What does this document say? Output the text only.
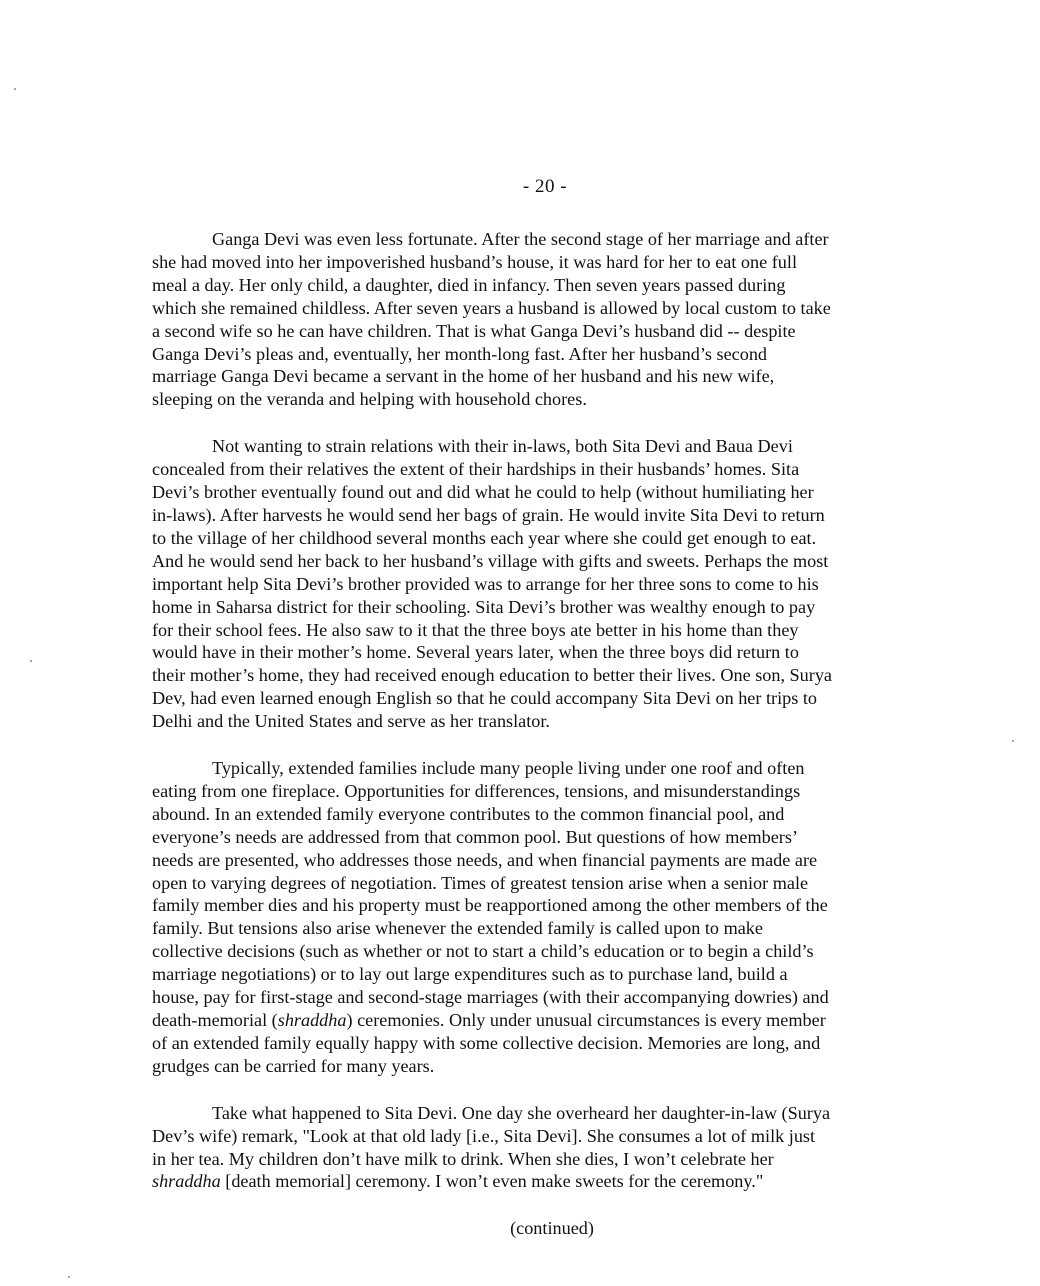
- 20 -

Ganga Devi was even less fortunate. After the second stage of her marriage and after
she had moved into her impoverished husband’s house, it was hard for her to eat one full
meal a day. Her only child, a daughter, died in infancy. Then seven years passed during
which she remained childless. After seven years a husband is allowed by local custom to take
a second wife so he can have children. That is what Ganga Devi’s husband did -- despite
Ganga Devi’s pleas and, eventually, her month-long fast. After her husband’s second
marriage Ganga Devi became a servant in the home of her husband and his new wife,
sleeping on the veranda and helping with household chores.

Not wanting to strain relations with their in-laws, both Sita Devi and Baua Devi
concealed from their relatives the extent of their hardships in their husbands’ homes. Sita
Devi’s brother eventually found out and did what he could to help (without humiliating her
in-laws). After harvests he would send her bags of grain. He would invite Sita Devi to return
to the village of her childhood several months each year where she could get enough to eat.
And he would send her back to her husband’s village with gifts and sweets. Perhaps the most
important help Sita Devi’s brother provided was to arrange for her three sons to come to his
home in Saharsa district for their schooling. Sita Devi’s brother was wealthy enough to pay
for their school fees. He also saw to it that the three boys ate better in his home than they
would have in their mother’s home. Several years later, when the three boys did return to
their mother’s home, they had received enough education to better their lives. One son, Surya
Dev, had even learned enough English so that he could accompany Sita Devi on her trips to
Delhi and the United States and serve as her translator.

Typically, extended families include many people living under one roof and often
eating from one fireplace. Opportunities for differences, tensions, and misunderstandings
abound. In an extended family everyone contributes to the common financial pool, and
everyone’s needs are addressed from that common pool. But questions of how members’
needs are presented, who addresses those needs, and when financial payments are made are
open to varying degrees of negotiation. Times of greatest tension arise when a senior male
family member dies and his property must be reapportioned among the other members of the
family. But tensions also arise whenever the extended family is called upon to make
collective decisions (such as whether or not to start a child’s education or to begin a child’s
marriage negotiations) or to lay out large expenditures such as to purchase land, build a
house, pay for first-stage and second-stage marriages (with their accompanying dowries) and
death-memorial (shraddha) ceremonies. Only under unusual circumstances is every member
of an extended family equally happy with some collective decision. Memories are long, and
grudges can be carried for many years.

Take what happened to Sita Devi. One day she overheard her daughter-in-law (Surya
Dev’s wife) remark, "Look at that old lady [i.e., Sita Devi]. She consumes a lot of milk just
in her tea. My children don’t have milk to drink. When she dies, I won’t celebrate her
shraddha [death memorial] ceremony. I won’t even make sweets for the ceremony."

(continued)
